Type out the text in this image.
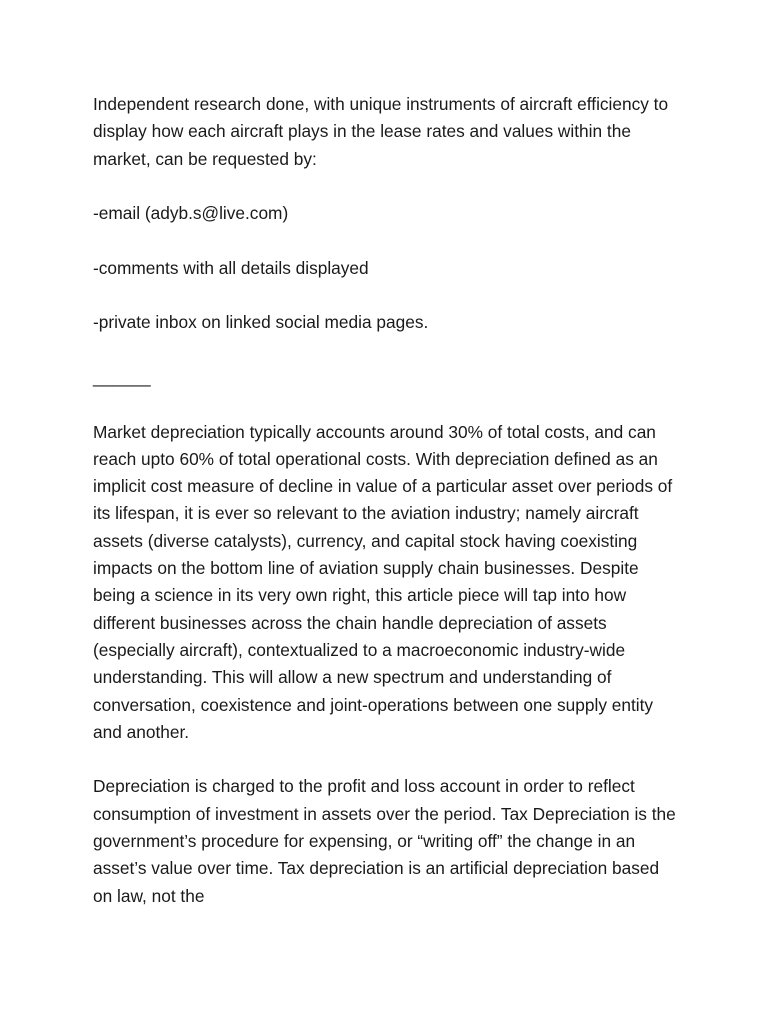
Independent research done, with unique instruments of aircraft efficiency to display how each aircraft plays in the lease rates and values within the market, can be requested by:

-email (adyb.s@live.com)

-comments with all details displayed

-private inbox on linked social media pages.

______

Market depreciation typically accounts around 30% of total costs, and can reach upto 60% of total operational costs. With depreciation defined as an implicit cost measure of decline in value of a particular asset over periods of its lifespan, it is ever so relevant to the aviation industry; namely aircraft assets (diverse catalysts), currency, and capital stock having coexisting impacts on the bottom line of aviation supply chain businesses. Despite being a science in its very own right, this article piece will tap into how different businesses across the chain handle depreciation of assets (especially aircraft), contextualized to a macroeconomic industry-wide understanding. This will allow a new spectrum and understanding of conversation, coexistence and joint-operations between one supply entity and another.

Depreciation is charged to the profit and loss account in order to reflect consumption of investment in assets over the period. Tax Depreciation is the government’s procedure for expensing, or “writing off” the change in an asset’s value over time. Tax depreciation is an artificial depreciation based on law, not the
